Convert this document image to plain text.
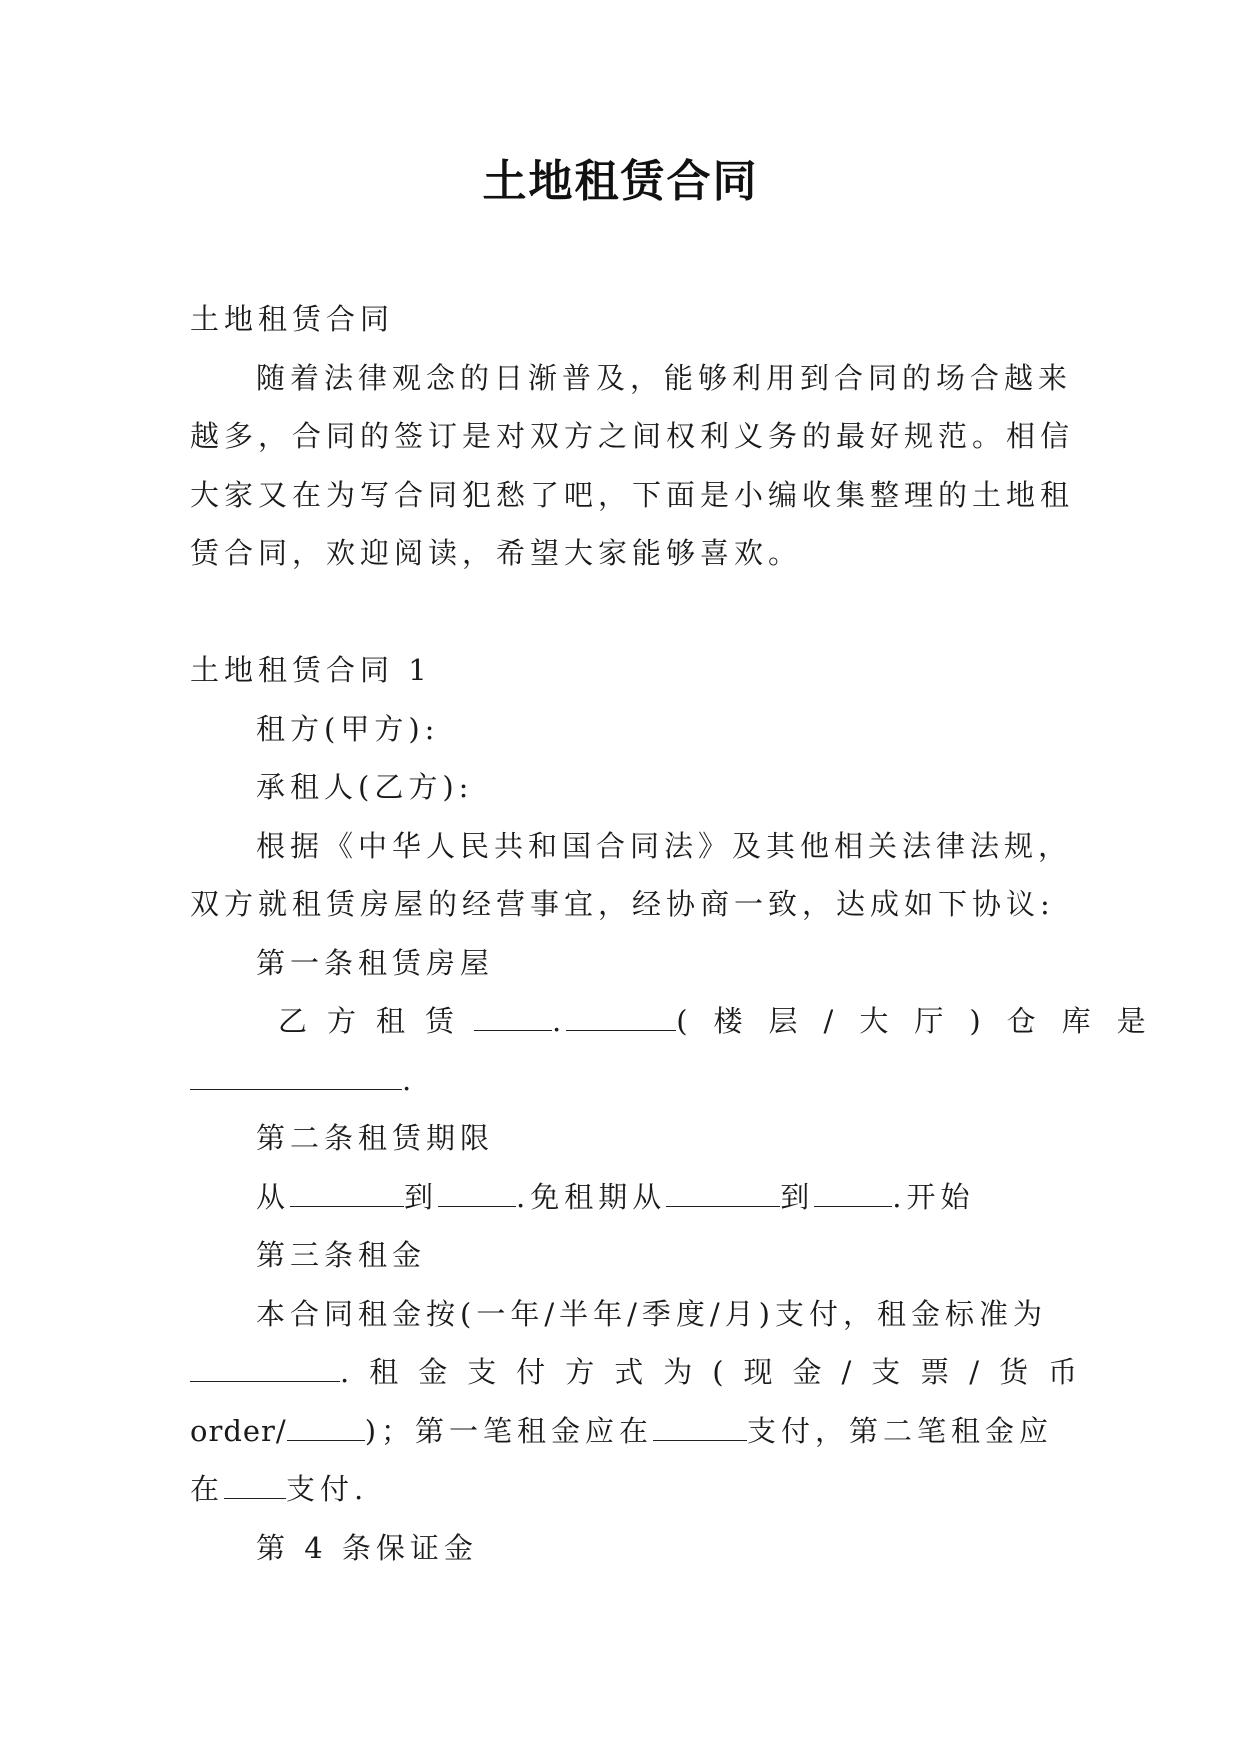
土地租赁合同
土地租赁合同
随着法律观念的日渐普及，能够利用到合同的场合越来
越多，合同的签订是对双方之间权利义务的最好规范。相信
大家又在为写合同犯愁了吧，下面是小编收集整理的土地租
赁合同，欢迎阅读，希望大家能够喜欢。
土地租赁合同 1
租方(甲方):
承租人(乙方):
根据《中华人民共和国合同法》及其他相关法律法规，
双方就租赁房屋的经营事宜，经协商一致，达成如下协议:
第一条租赁房屋
乙方租赁	.	(楼层/大厅)仓库是
.
第二条租赁期限
从	到	.免租期从	到	.开始
第三条租金
本合同租金按(一年/半年/季度/月)支付，租金标准为
.租金支付方式为(现金/支票/货币
order/	)；第一笔租金应在	支付，第二笔租金应
在 支付.
第 4 条保证金
